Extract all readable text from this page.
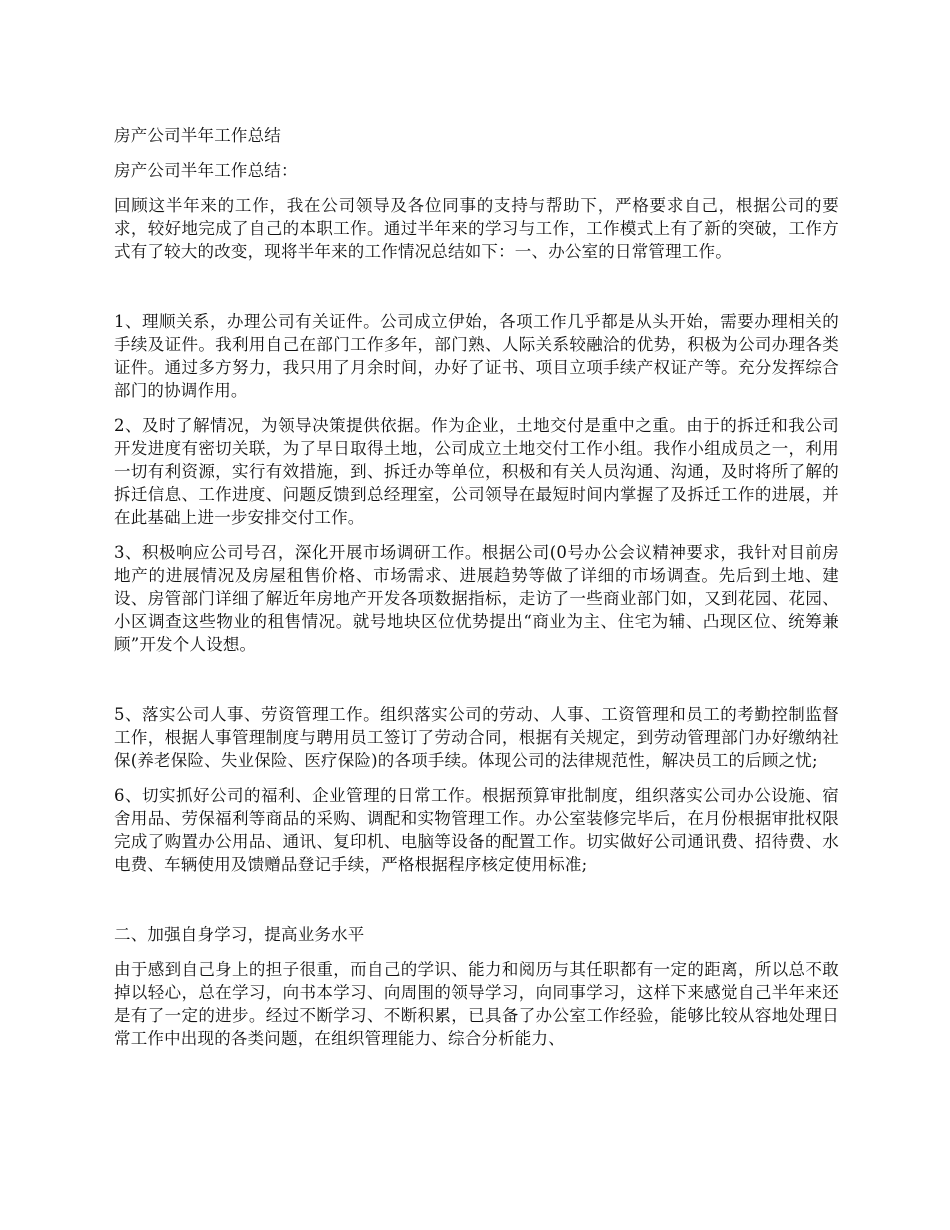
房产公司半年工作总结

房产公司半年工作总结：

回顾这半年来的工作，我在公司领导及各位同事的支持与帮助下，严格要求自己，根据公司的要求，较好地完成了自己的本职工作。通过半年来的学习与工作，工作模式上有了新的突破，工作方式有了较大的改变，现将半年来的工作情况总结如下：一、办公室的日常管理工作。

1、理顺关系，办理公司有关证件。公司成立伊始，各项工作几乎都是从头开始，需要办理相关的手续及证件。我利用自己在部门工作多年，部门熟、人际关系较融洽的优势，积极为公司办理各类证件。通过多方努力，我只用了月余时间，办好了证书、项目立项手续产权证产等。充分发挥综合部门的协调作用。

2、及时了解情况，为领导决策提供依据。作为企业，土地交付是重中之重。由于的拆迁和我公司开发进度有密切关联，为了早日取得土地，公司成立土地交付工作小组。我作小组成员之一，利用一切有利资源，实行有效措施，到、拆迁办等单位，积极和有关人员沟通、沟通，及时将所了解的拆迁信息、工作进度、问题反馈到总经理室，公司领导在最短时间内掌握了及拆迁工作的进展，并在此基础上进一步安排交付工作。

3、积极响应公司号召，深化开展市场调研工作。根据公司(0号办公会议精神要求，我针对目前房地产的进展情况及房屋租售价格、市场需求、进展趋势等做了详细的市场调查。先后到土地、建设、房管部门详细了解近年房地产开发各项数据指标，走访了一些商业部门如，又到花园、花园、小区调查这些物业的租售情况。就号地块区位优势提出“商业为主、住宅为辅、凸现区位、统筹兼顾”开发个人设想。

5、落实公司人事、劳资管理工作。组织落实公司的劳动、人事、工资管理和员工的考勤控制监督工作，根据人事管理制度与聘用员工签订了劳动合同，根据有关规定，到劳动管理部门办好缴纳社保(养老保险、失业保险、医疗保险)的各项手续。体现公司的法律规范性，解决员工的后顾之忧;

6、切实抓好公司的福利、企业管理的日常工作。根据预算审批制度，组织落实公司办公设施、宿舍用品、劳保福利等商品的采购、调配和实物管理工作。办公室装修完毕后，在月份根据审批权限完成了购置办公用品、通讯、复印机、电脑等设备的配置工作。切实做好公司通讯费、招待费、水电费、车辆使用及馈赠品登记手续，严格根据程序核定使用标准;

二、加强自身学习，提高业务水平

由于感到自己身上的担子很重，而自己的学识、能力和阅历与其任职都有一定的距离，所以总不敢掉以轻心，总在学习，向书本学习、向周围的领导学习，向同事学习，这样下来感觉自己半年来还是有了一定的进步。经过不断学习、不断积累，已具备了办公室工作经验，能够比较从容地处理日常工作中出现的各类问题，在组织管理能力、综合分析能力、
